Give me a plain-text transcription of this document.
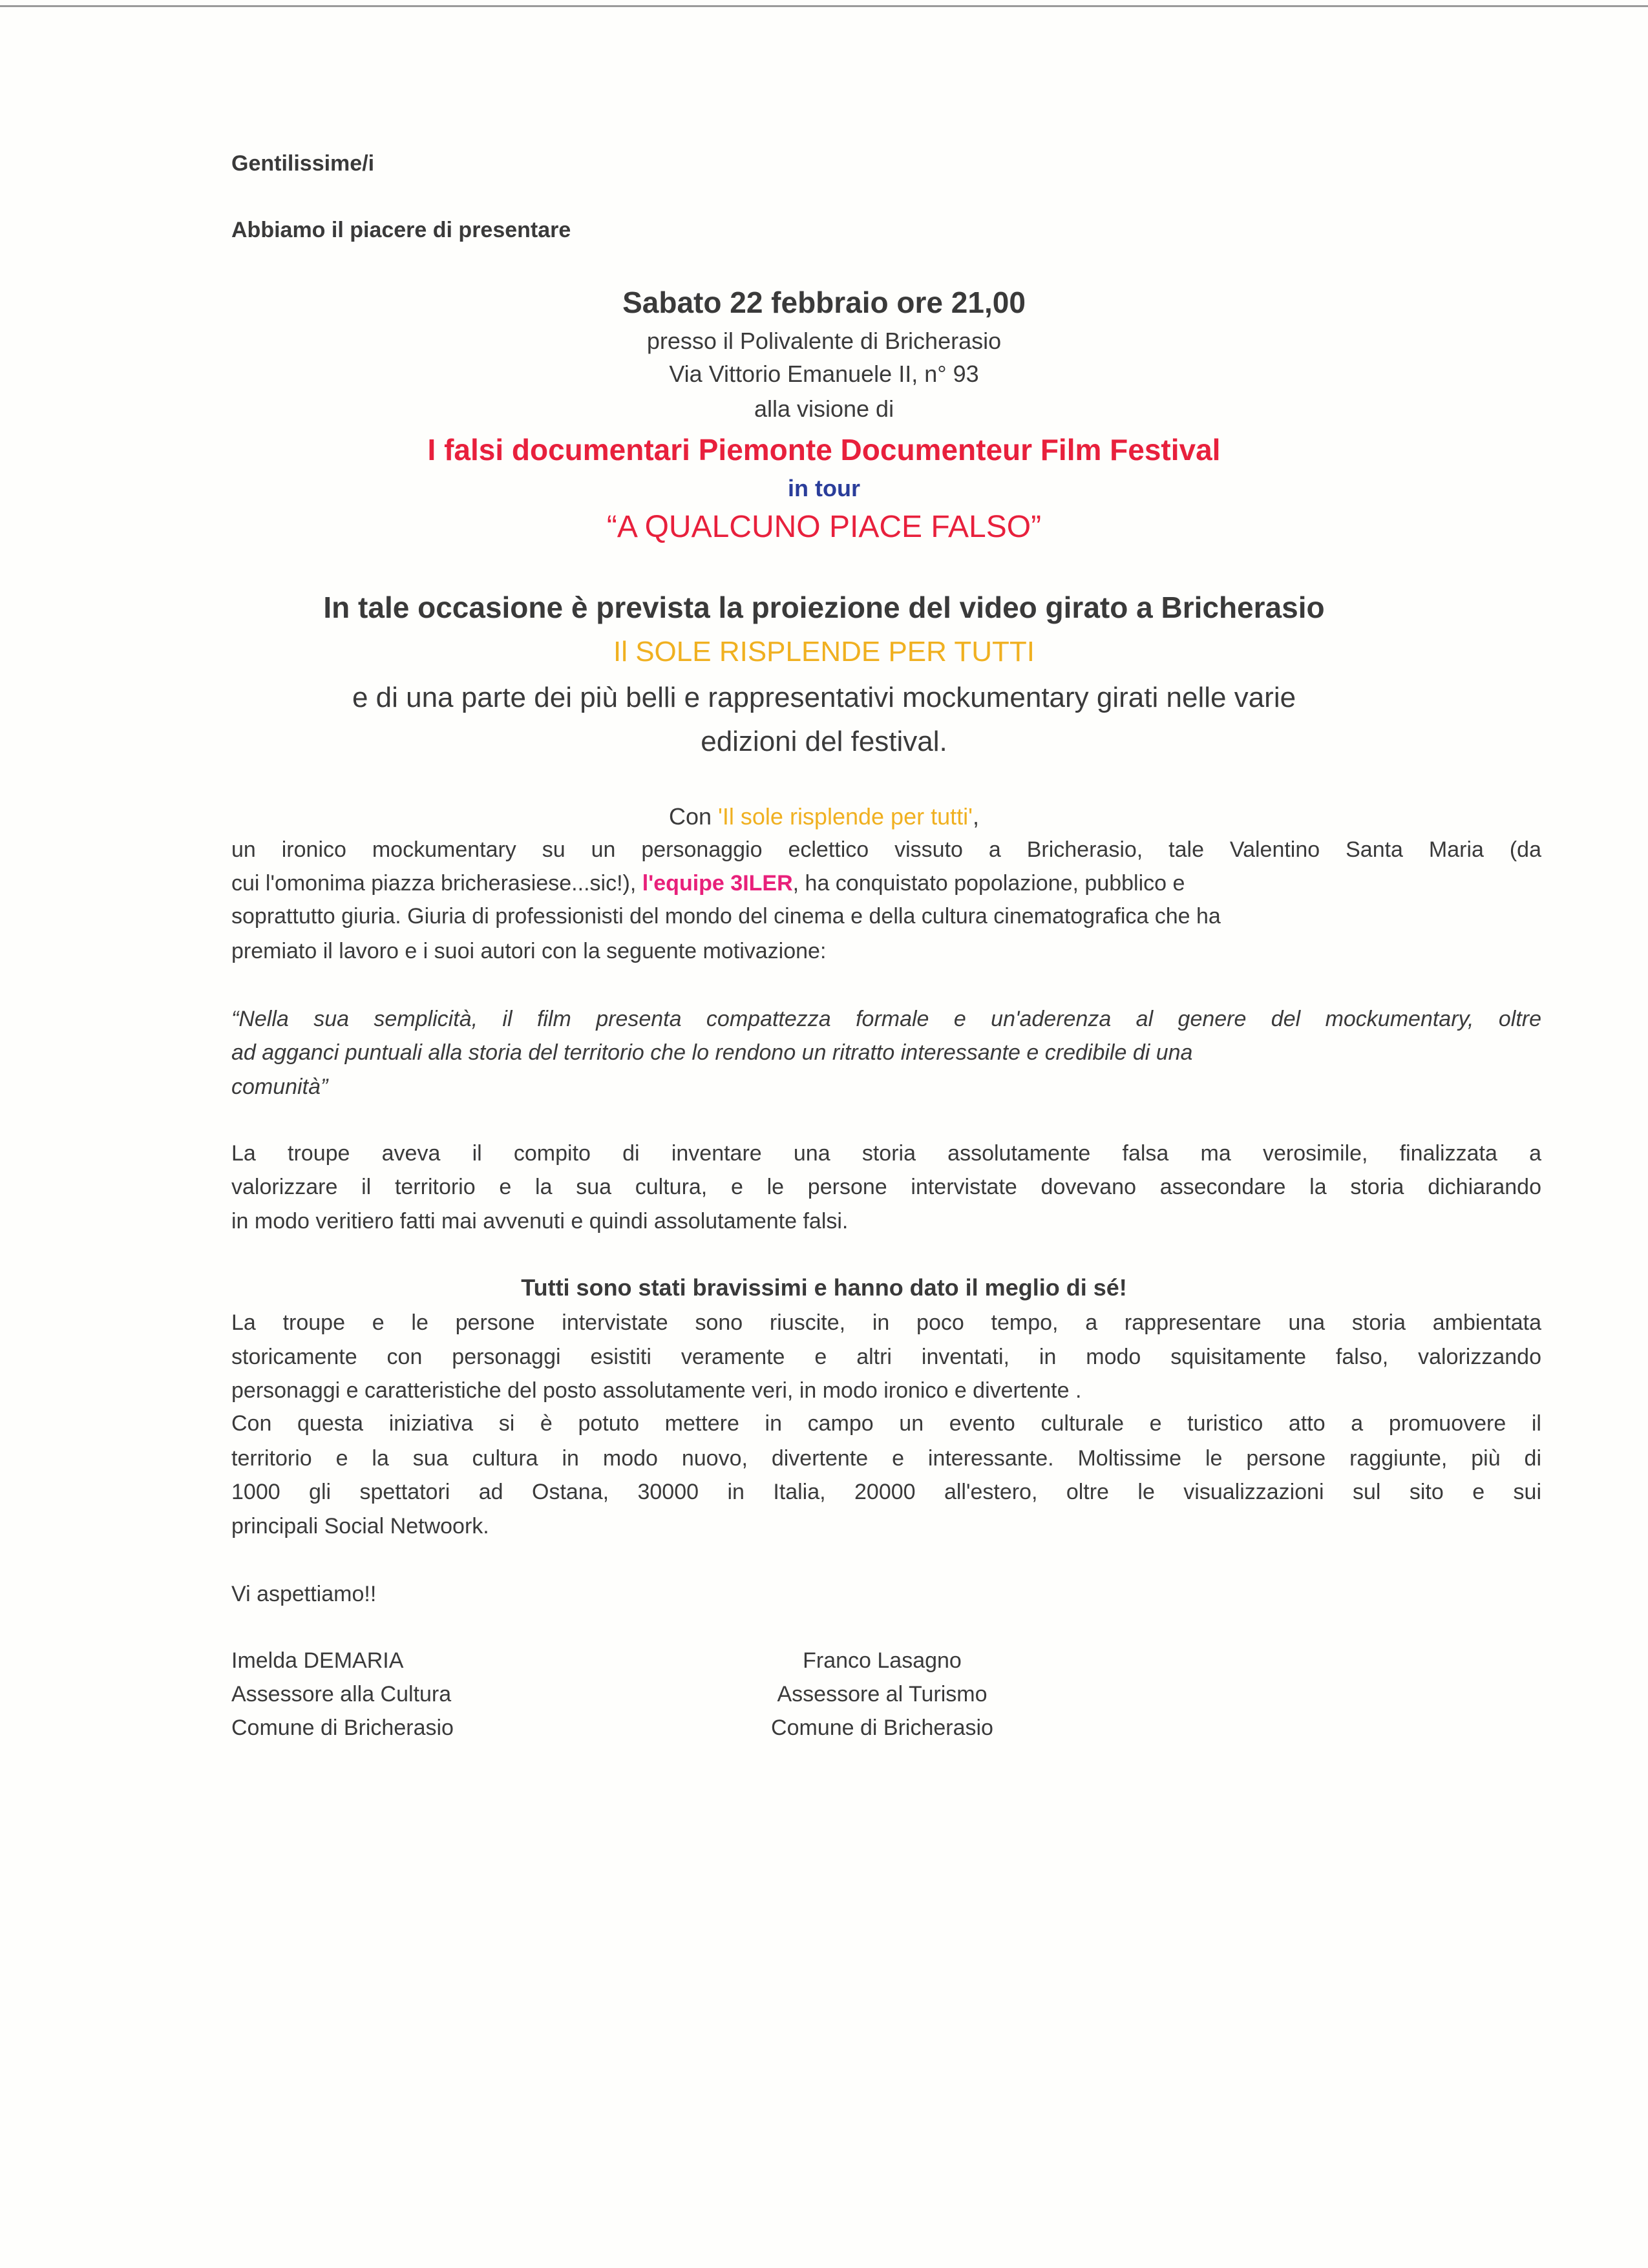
Gentilissime/i
Abbiamo il piacere di presentare
Sabato 22 febbraio ore 21,00
presso il Polivalente di Bricherasio
Via Vittorio Emanuele II, n° 93
alla visione di
I falsi documentari Piemonte Documenteur Film Festival
in tour
“A QUALCUNO PIACE FALSO”
In tale occasione è prevista la proiezione del video girato a Bricherasio
Il SOLE RISPLENDE PER TUTTI
e di una parte dei più belli e rappresentativi mockumentary girati nelle varie
edizioni del festival.
Con 'Il sole risplende per tutti',
un ironico mockumentary su un personaggio eclettico vissuto a Bricherasio, tale Valentino Santa Maria (da
cui l'omonima piazza bricherasiese...sic!), l'equipe 3ILER, ha conquistato popolazione, pubblico e
soprattutto giuria. Giuria di professionisti del mondo del cinema e della cultura cinematografica che ha
premiato il lavoro e i suoi autori con la seguente motivazione:
“Nella sua semplicità, il film presenta compattezza formale e un'aderenza al genere del mockumentary, oltre
ad agganci puntuali alla storia del territorio che lo rendono un ritratto interessante e credibile di una
comunità”
La troupe aveva il compito di inventare una storia assolutamente falsa ma verosimile, finalizzata a
valorizzare il territorio e la sua cultura, e le persone intervistate dovevano assecondare la storia dichiarando
in modo veritiero fatti mai avvenuti e quindi assolutamente falsi.
Tutti sono stati bravissimi e hanno dato il meglio di sé!
La troupe e le persone intervistate sono riuscite, in poco tempo, a rappresentare una storia ambientata
storicamente con personaggi esistiti veramente e altri inventati, in modo squisitamente falso, valorizzando
personaggi e caratteristiche del posto assolutamente veri, in modo ironico e divertente .
Con questa iniziativa si è potuto mettere in campo un evento culturale e turistico atto a promuovere il
territorio e la sua cultura in modo nuovo, divertente e interessante. Moltissime le persone raggiunte, più di
1000 gli spettatori ad Ostana, 30000 in Italia, 20000 all'estero, oltre le visualizzazioni sul sito e sui
principali Social Netwoork.
Vi aspettiamo!!
Imelda DEMARIA
Assessore alla Cultura
Comune di Bricherasio
Franco Lasagno
Assessore al Turismo
Comune di Bricherasio
